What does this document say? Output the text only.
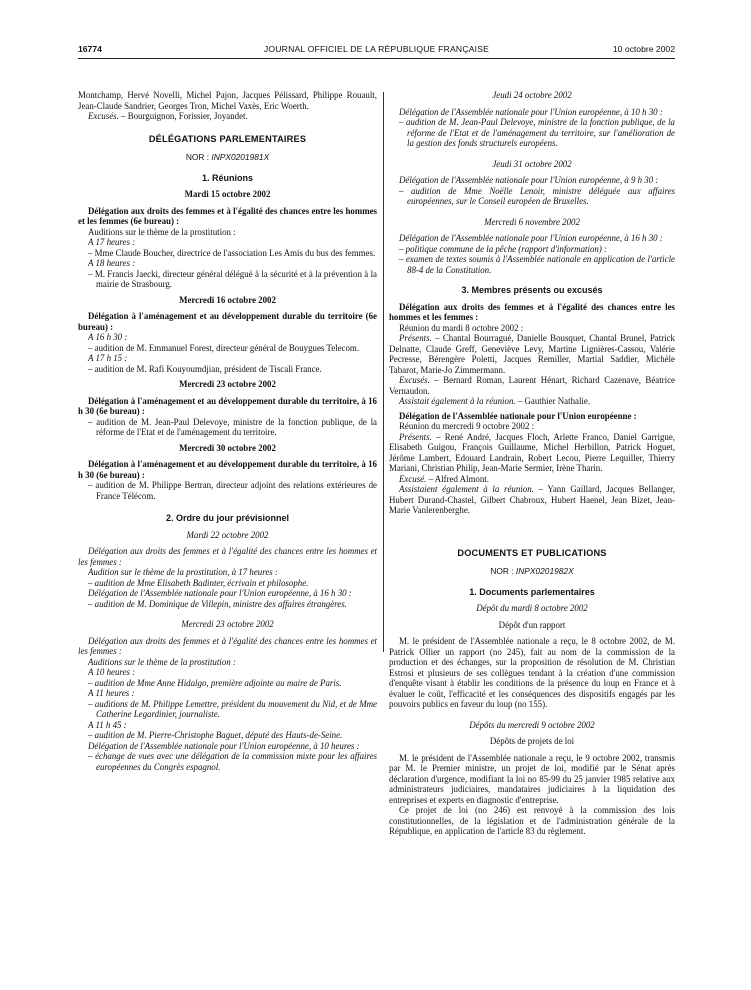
16774	JOURNAL OFFICIEL DE LA RÉPUBLIQUE FRANÇAISE	10 octobre 2002

Montchamp, Hervé Novelli, Michel Pajon, Jacques Pélissard, Philippe Rouault, Jean-Claude Sandrier, Georges Tron, Michel Vaxès, Eric Woerth.

Excusés. – Bourguignon, Forissier, Joyandet.

DÉLÉGATIONS PARLEMENTAIRES
NOR : INPX0201981X
1. Réunions
Mardi 15 octobre 2002

Délégation aux droits des femmes et à l'égalité des chances entre les hommes et les femmes (6e bureau) :

Auditions sur le thème de la prostitution :

A 17 heures :

– Mme Claude Boucher, directrice de l'association Les Amis du bus des femmes.

A 18 heures :

– M. Francis Jaecki, directeur général délégué à la sécurité et à la prévention à la mairie de Strasbourg.

Mercredi 16 octobre 2002

Délégation à l'aménagement et au développement durable du territoire (6e bureau) :

A 16 h 30 :

– audition de M. Emmanuel Forest, directeur général de Bouygues Telecom.

A 17 h 15 :

– audition de M. Rafi Kouyoumdjian, président de Tiscali France.

Mercredi 23 octobre 2002

Délégation à l'aménagement et au développement durable du territoire, à 16 h 30 (6e bureau) :

– audition de M. Jean-Paul Delevoye, ministre de la fonction publique, de la réforme de l'Etat et de l'aménagement du territoire.

Mercredi 30 octobre 2002

Délégation à l'aménagement et au développement durable du territoire, à 16 h 30 (6e bureau) :

– audition de M. Philippe Bertran, directeur adjoint des relations extérieures de France Télécom.

2. Ordre du jour prévisionnel
Mardi 22 octobre 2002

Délégation aux droits des femmes et à l'égalité des chances entre les hommes et les femmes :

Audition sur le thème de la prostitution, à 17 heures :

– audition de Mme Elisabeth Badinter, écrivain et philosophe.

Délégation de l'Assemblée nationale pour l'Union européenne, à 16 h 30 :

– audition de M. Dominique de Villepin, ministre des affaires étrangères.

Mercredi 23 octobre 2002

Délégation aux droits des femmes et à l'égalité des chances entre les hommes et les femmes :

Auditions sur le thème de la prostitution :

A 10 heures :

– audition de Mme Anne Hidalgo, première adjointe au maire de Paris.

A 11 heures :

– auditions de M. Philippe Lemettre, président du mouvement du Nid, et de Mme Catherine Legardinier, journaliste.

A 11 h 45 :

– audition de M. Pierre-Christophe Baguet, député des Hauts-de-Seine.

Délégation de l'Assemblée nationale pour l'Union européenne, à 10 heures :

– échange de vues avec une délégation de la commission mixte pour les affaires européennes du Congrès espagnol.

Jeudi 24 octobre 2002

Délégation de l'Assemblée nationale pour l'Union européenne, à 10 h 30 :

– audition de M. Jean-Paul Delevoye, ministre de la fonction publique, de la réforme de l'Etat et de l'aménagement du territoire, sur l'amélioration de la gestion des fonds structurels européens.

Jeudi 31 octobre 2002

Délégation de l'Assemblée nationale pour l'Union européenne, à 9 h 30 :

– audition de Mme Noëlle Lenoir, ministre déléguée aux affaires européennes, sur le Conseil européen de Bruxelles.

Mercredi 6 novembre 2002

Délégation de l'Assemblée nationale pour l'Union européenne, à 16 h 30 :

– politique commune de la pêche (rapport d'information) :

– examen de textes soumis à l'Assemblée nationale en application de l'article 88-4 de la Constitution.

3. Membres présents ou excusés

Délégation aux droits des femmes et à l'égalité des chances entre les hommes et les femmes :

Réunion du mardi 8 octobre 2002 :

Présents. – Chantal Bourragué, Danielle Bousquet, Chantal Brunel, Patrick Delnatte, Claude Greff, Geneviève Levy, Martine Lignières-Cassou, Valérie Pecresse, Bérengère Poletti, Jacques Remiller, Martial Saddier, Michèle Tabarot, Marie-Jo Zimmermann.

Excusés. – Bernard Roman, Laurent Hénart, Richard Cazenave, Béatrice Vernaudon.

Assistait également à la réunion. – Gauthier Nathalie.

Délégation de l'Assemblée nationale pour l'Union européenne :

Réunion du mercredi 9 octobre 2002 :

Présents. – René André, Jacques Floch, Arlette Franco, Daniel Garrigue, Elisabeth Guigou, François Guillaume, Michel Herbillon, Patrick Hoguet, Jérôme Lambert, Edouard Landrain, Robert Lecou, Pierre Lequiller, Thierry Mariani, Christian Philip, Jean-Marie Sermier, Irène Tharin.

Excusé. – Alfred Almont.

Assistaient également à la réunion. – Yann Gaillard, Jacques Bellanger, Hubert Durand-Chastel, Gilbert Chabroux, Hubert Haenel, Jean Bizet, Jean-Marie Vanlerenberghe.

DOCUMENTS ET PUBLICATIONS
NOR : INPX0201982X
1. Documents parlementaires
Dépôt du mardi 8 octobre 2002
Dépôt d'un rapport

M. le président de l'Assemblée nationale a reçu, le 8 octobre 2002, de M. Patrick Ollier un rapport (no 245), fait au nom de la commission de la production et des échanges, sur la proposition de résolution de M. Christian Estrosi et plusieurs de ses collègues tendant à la création d'une commission d'enquête visant à établir les conditions de la présence du loup en France et à évaluer le coût, l'efficacité et les conséquences des dispositifs engagés par les pouvoirs publics en faveur du loup (no 155).

Dépôts du mercredi 9 octobre 2002
Dépôts de projets de loi

M. le président de l'Assemblée nationale a reçu, le 9 octobre 2002, transmis par M. le Premier ministre, un projet de loi, modifié par le Sénat après déclaration d'urgence, modifiant la loi no 85-99 du 25 janvier 1985 relative aux administrateurs judiciaires, mandataires judiciaires à la liquidation des entreprises et experts en diagnostic d'entreprise.

Ce projet de loi (no 246) est renvoyé à la commission des lois constitutionnelles, de la législation et de l'administration générale de la République, en application de l'article 83 du règlement.
